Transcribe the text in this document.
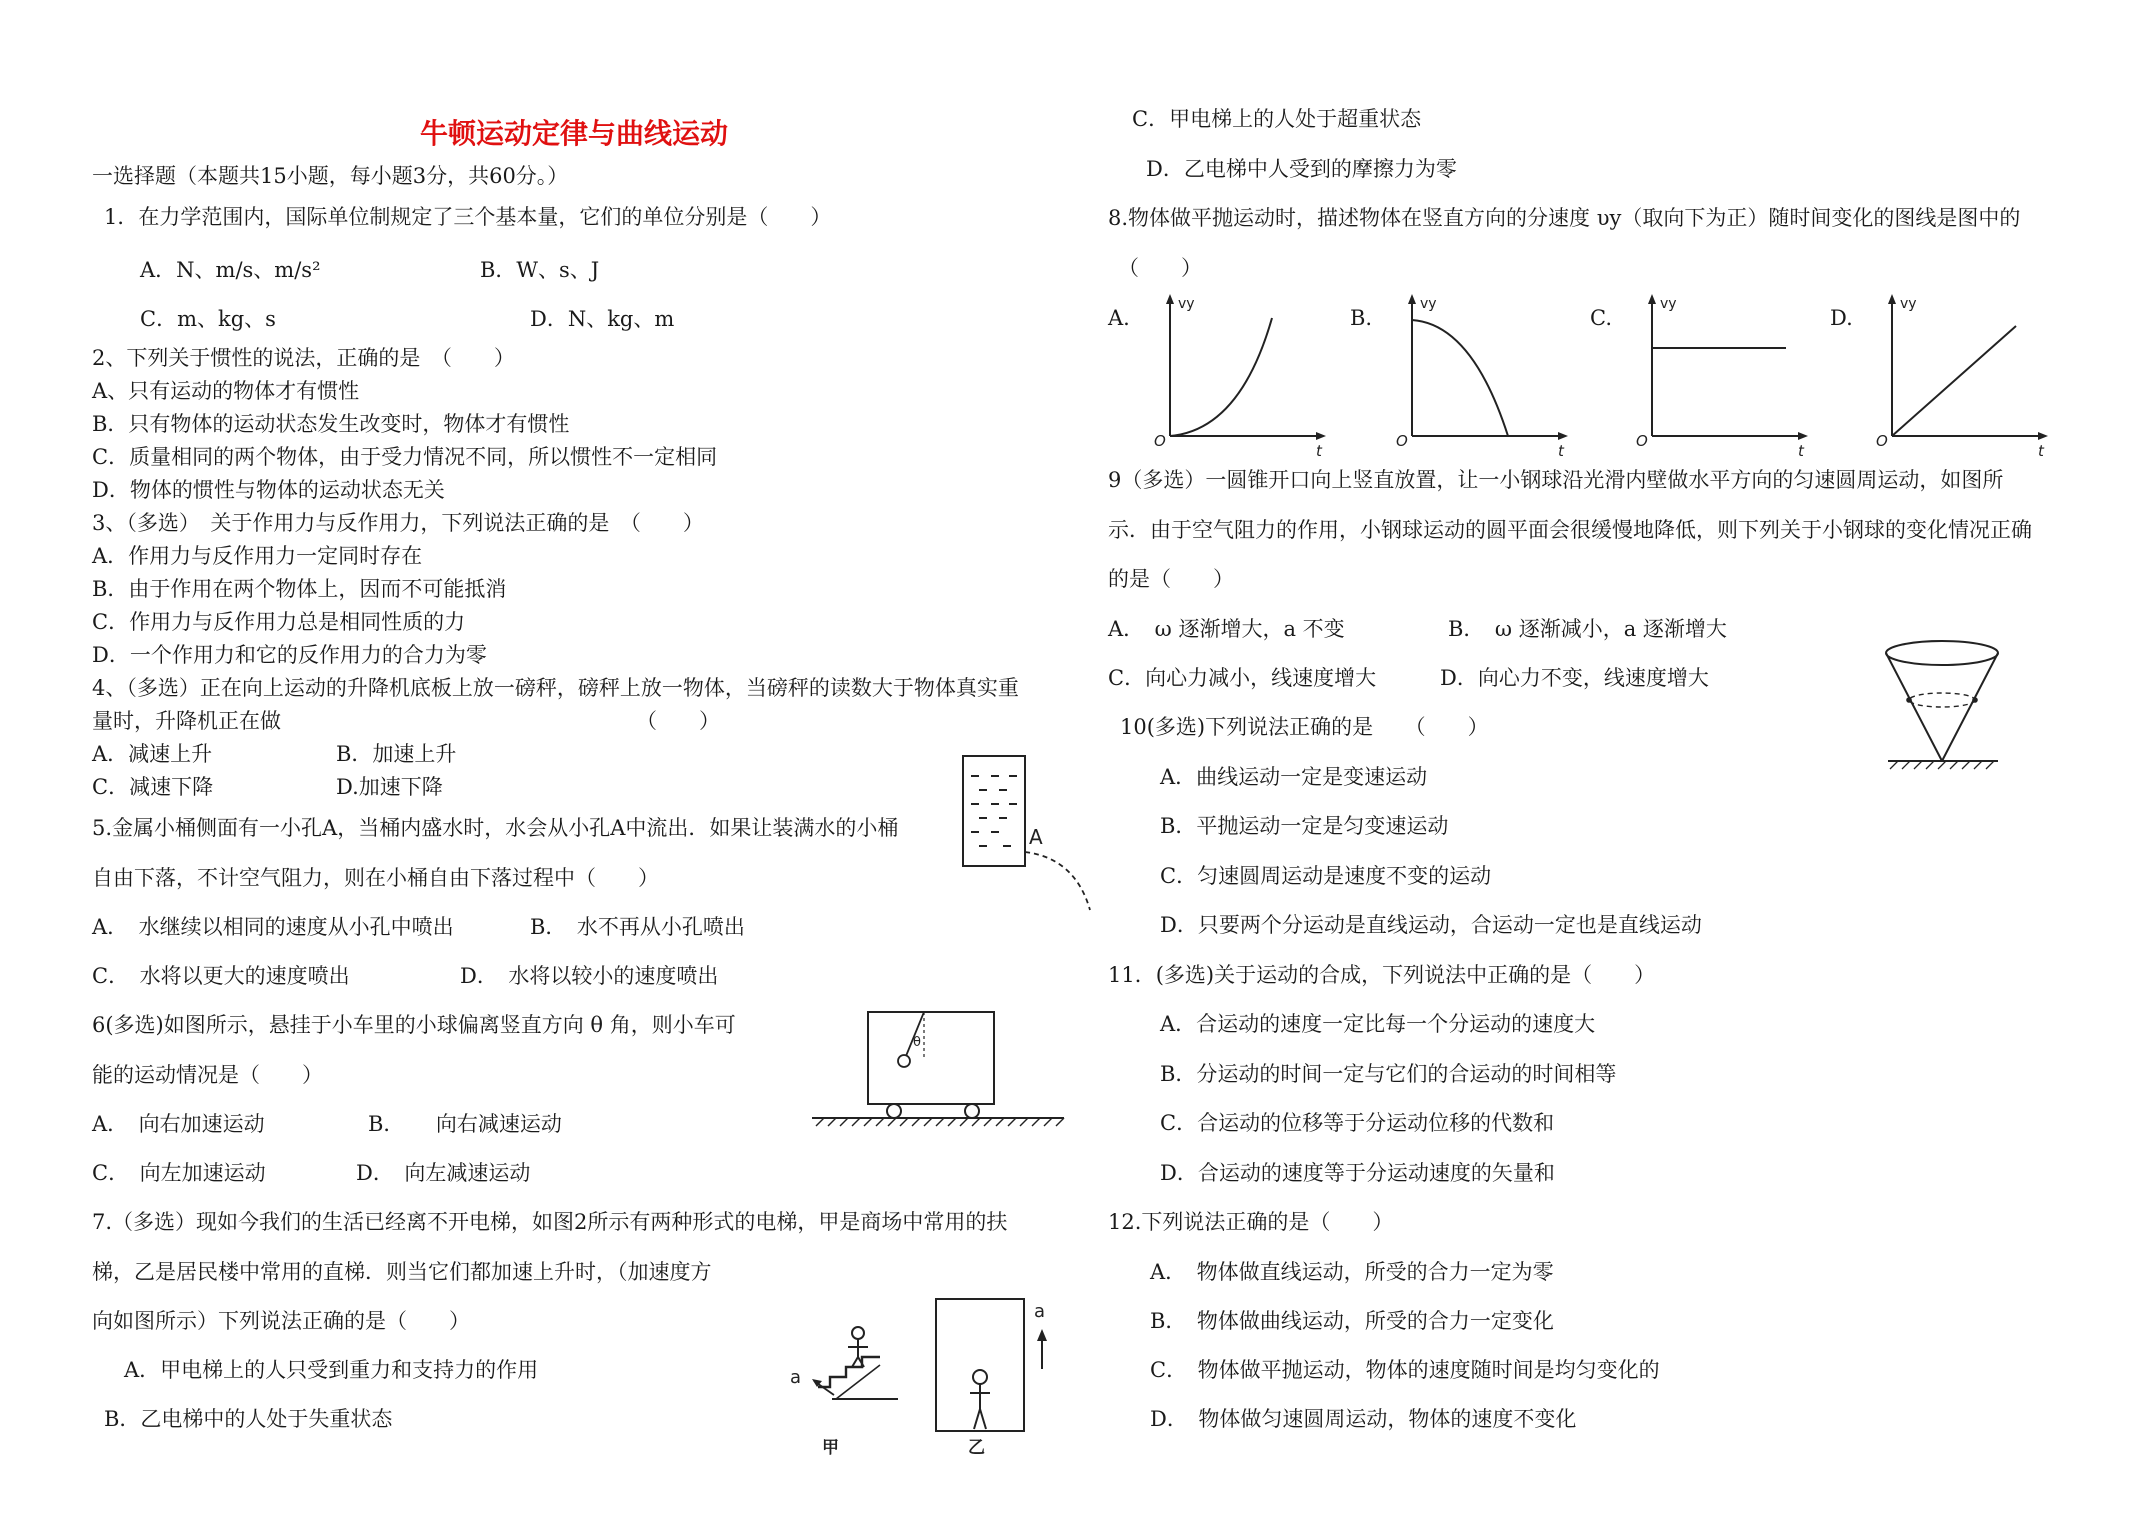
牛顿运动定律与曲线运动
一选择题（本题共15小题，每小题3分，共60分。）
1．在力学范围内，国际单位制规定了三个基本量，它们的单位分别是（　　）
A．N、m/s、m/s²	B．W、s、J
C．m、kg、s	D．N、kg、m
2、下列关于惯性的说法，正确的是　（　　）
A、只有运动的物体才有惯性
B．只有物体的运动状态发生改变时，物体才有惯性
C．质量相同的两个物体，由于受力情况不同，所以惯性不一定相同
D．物体的惯性与物体的运动状态无关
3、（多选）　关于作用力与反作用力，下列说法正确的是　（　　）
A．作用力与反作用力一定同时存在
B．由于作用在两个物体上，因而不可能抵消
C．作用力与反作用力总是相同性质的力
D．一个作用力和它的反作用力的合力为零
4、（多选）正在向上运动的升降机底板上放一磅秤，磅秤上放一物体，当磅秤的读数大于物体真实重
量时，升降机正在做	（　　）
A．减速上升	B．加速上升
C．减速下降	D.加速下降
5.金属小桶侧面有一小孔A，当桶内盛水时，水会从小孔A中流出．如果让装满水的小桶
自由下落，不计空气阻力，则在小桶自由下落过程中（　　）
A．　水继续以相同的速度从小孔中喷出	B．　水不再从小孔喷出
C．　水将以更大的速度喷出	D．　水将以较小的速度喷出
A
6(多选)如图所示，悬挂于小车里的小球偏离竖直方向 θ 角，则小车可
能的运动情况是（　　）
A．　向右加速运动	B．　　向右减速运动
C．　向左加速运动	D．　向左减速运动
θ
7.（多选）现如今我们的生活已经离不开电梯，如图2所示有两种形式的电梯，甲是商场中常用的扶
梯，乙是居民楼中常用的直梯．则当它们都加速上升时，（加速度方
向如图所示）下列说法正确的是（　　）
A．甲电梯上的人只受到重力和支持力的作用
B．乙电梯中的人处于失重状态
a
甲
a
乙
C．甲电梯上的人处于超重状态
D．乙电梯中人受到的摩擦力为零
8.物体做平抛运动时，描述物体在竖直方向的分速度 υy（取向下为正）随时间变化的图线是图中的
（　　）
A.	B.	C.	D.
vy
t
O
vy
t
O
vy
t
O
vy
t
O
9（多选）一圆锥开口向上竖直放置，让一小钢球沿光滑内壁做水平方向的匀速圆周运动，如图所
示．由于空气阻力的作用，小钢球运动的圆平面会很缓慢地降低，则下列关于小钢球的变化情况正确
的是（　　）
A．　ω 逐渐增大，a 不变	B．　ω 逐渐减小，a 逐渐增大
C．向心力减小，线速度增大	D．向心力不变，线速度增大
10(多选)下列说法正确的是　　（　　）
A．曲线运动一定是变速运动
B．平抛运动一定是匀变速运动
C．匀速圆周运动是速度不变的运动
D．只要两个分运动是直线运动，合运动一定也是直线运动
11．(多选)关于运动的合成，下列说法中正确的是（　　）
A．合运动的速度一定比每一个分运动的速度大
B．分运动的时间一定与它们的合运动的时间相等
C．合运动的位移等于分运动位移的代数和
D．合运动的速度等于分运动速度的矢量和
12.下列说法正确的是（　　）
A．　物体做直线运动，所受的合力一定为零
B．　物体做曲线运动，所受的合力一定变化
C．　物体做平抛运动，物体的速度随时间是均匀变化的
D．　物体做匀速圆周运动，物体的速度不变化
